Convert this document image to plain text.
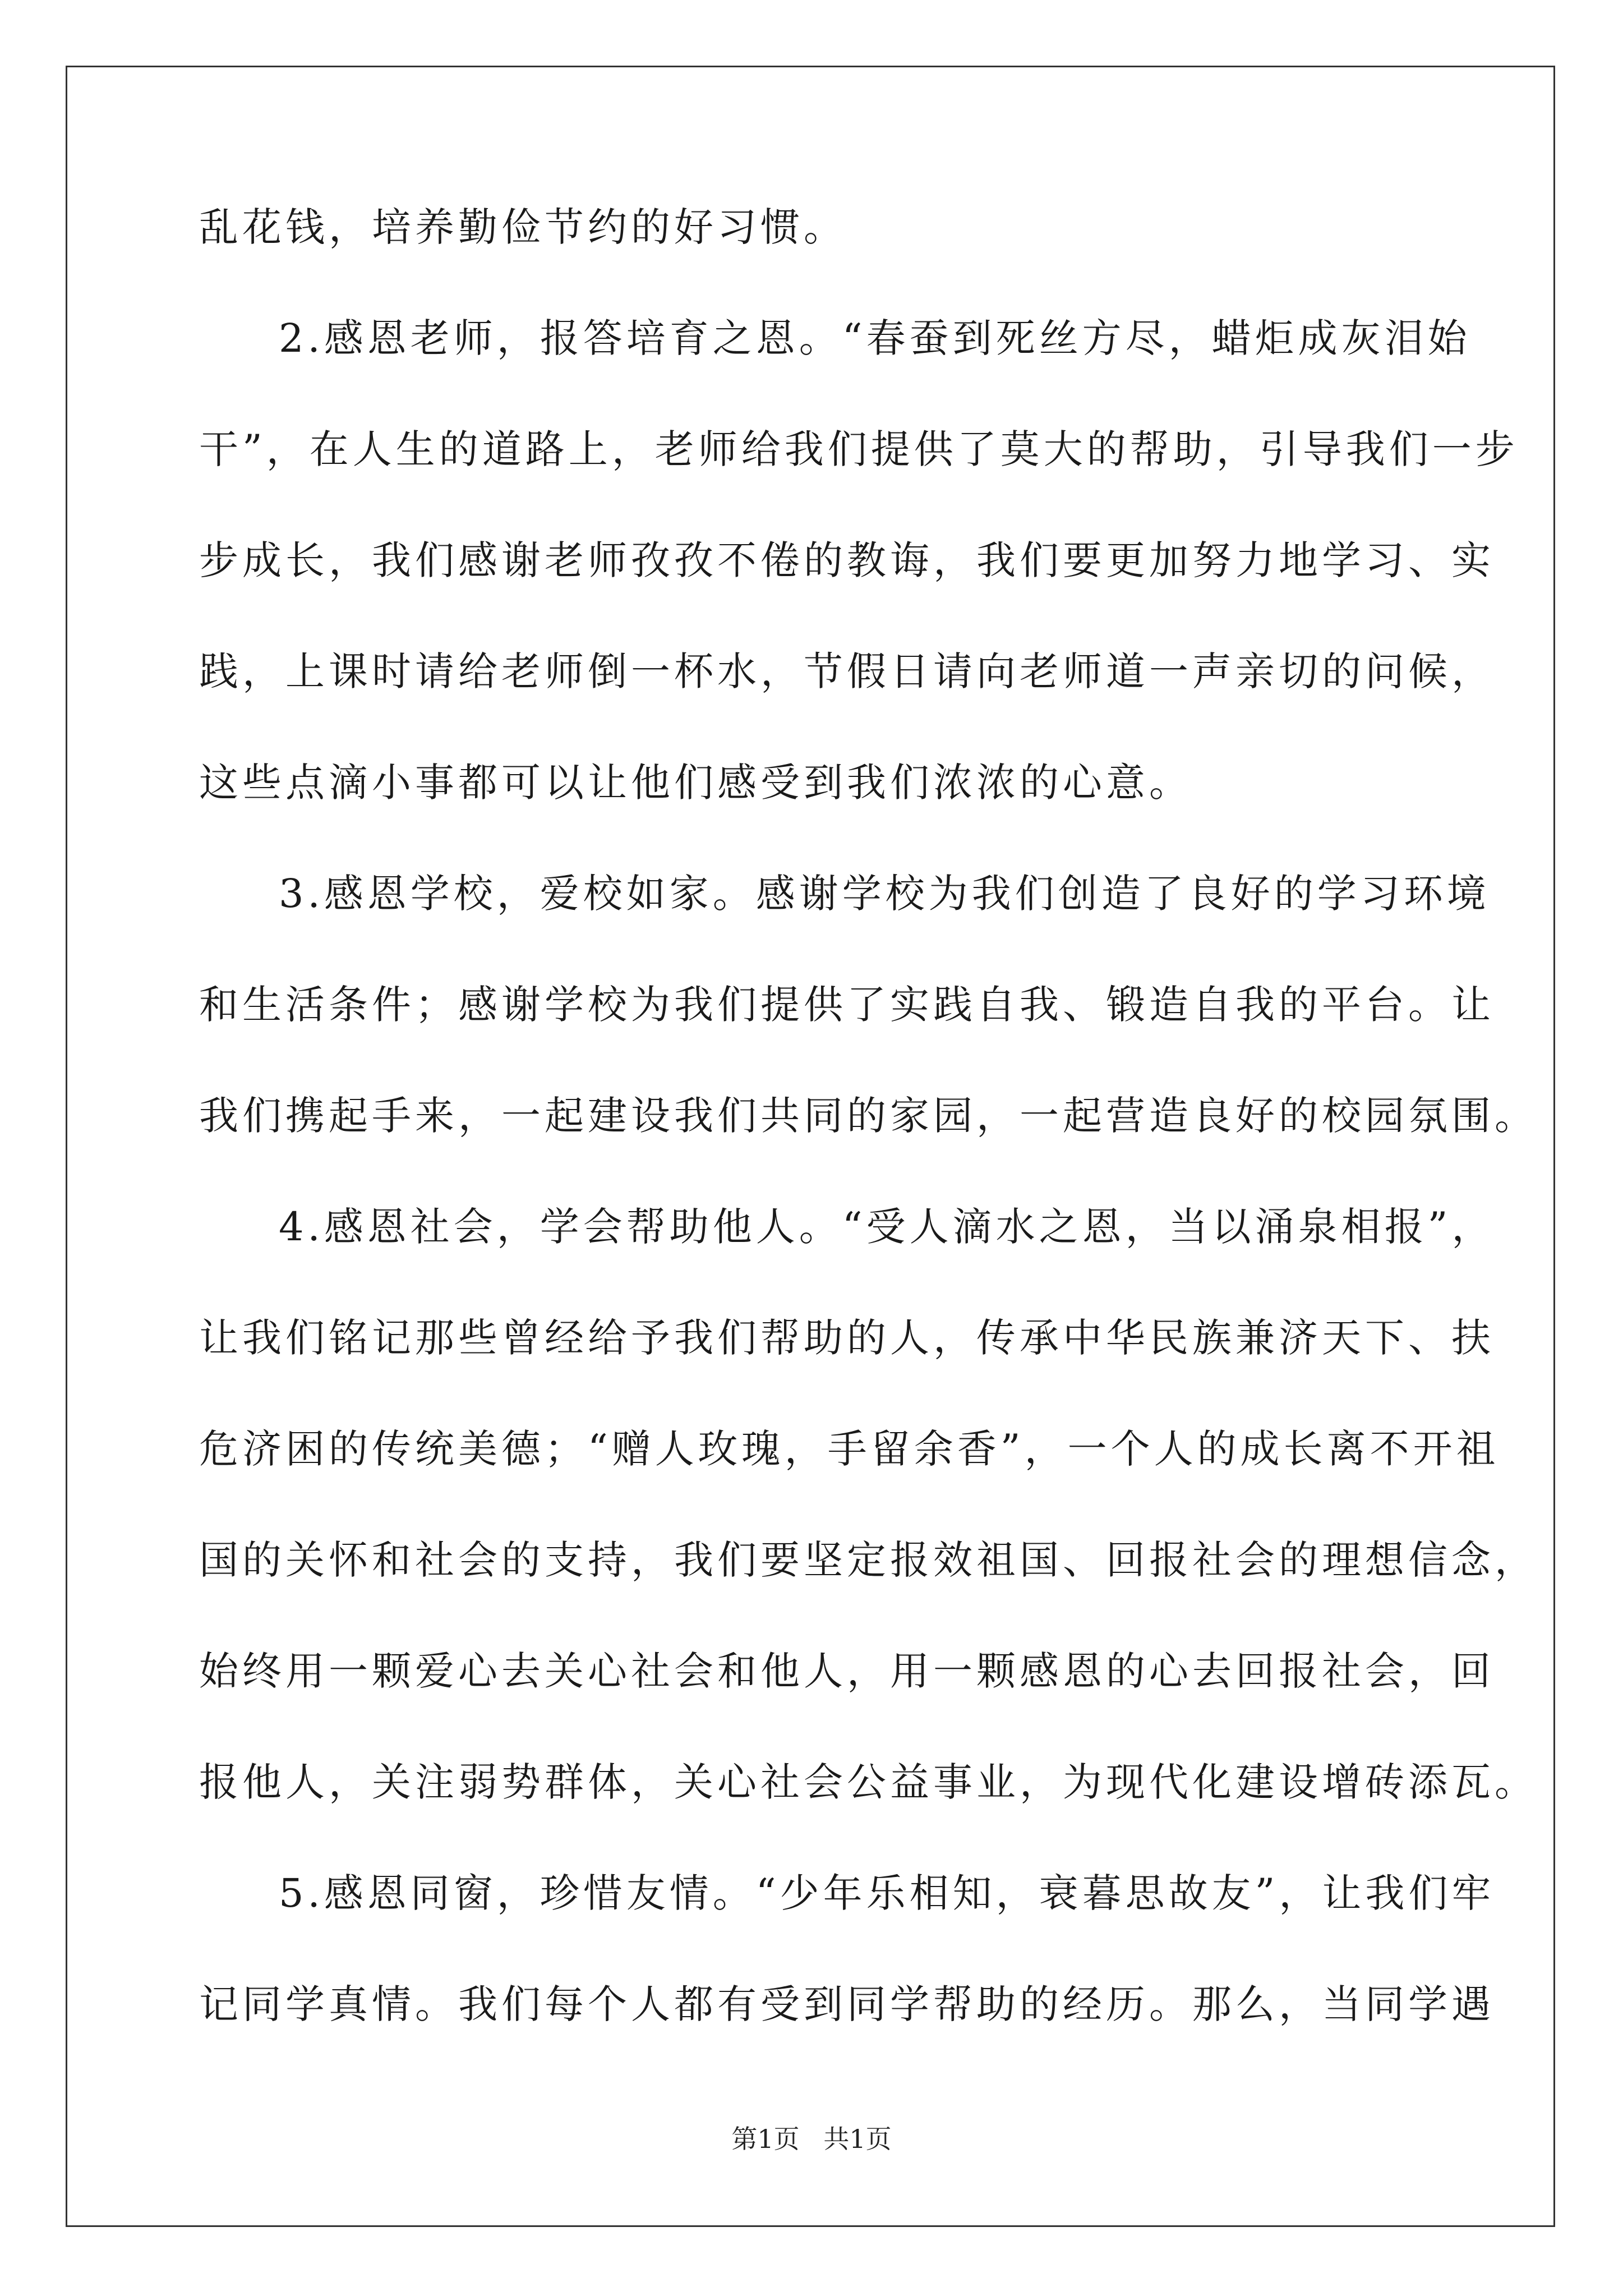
乱花钱，培养勤俭节约的好习惯。
2.感恩老师，报答培育之恩。“春蚕到死丝方尽，蜡炬成灰泪始
干”，在人生的道路上，老师给我们提供了莫大的帮助，引导我们一步
步成长，我们感谢老师孜孜不倦的教诲，我们要更加努力地学习、实
践，上课时请给老师倒一杯水，节假日请向老师道一声亲切的问候，
这些点滴小事都可以让他们感受到我们浓浓的心意。
3.感恩学校，爱校如家。感谢学校为我们创造了良好的学习环境
和生活条件；感谢学校为我们提供了实践自我、锻造自我的平台。让
我们携起手来，一起建设我们共同的家园，一起营造良好的校园氛围。
4.感恩社会，学会帮助他人。“受人滴水之恩，当以涌泉相报”，
让我们铭记那些曾经给予我们帮助的人，传承中华民族兼济天下、扶
危济困的传统美德；“赠人玫瑰，手留余香”，一个人的成长离不开祖
国的关怀和社会的支持，我们要坚定报效祖国、回报社会的理想信念，
始终用一颗爱心去关心社会和他人，用一颗感恩的心去回报社会，回
报他人，关注弱势群体，关心社会公益事业，为现代化建设增砖添瓦。
5.感恩同窗，珍惜友情。“少年乐相知，衰暮思故友”，让我们牢
记同学真情。我们每个人都有受到同学帮助的经历。那么，当同学遇
第1页 共1页
